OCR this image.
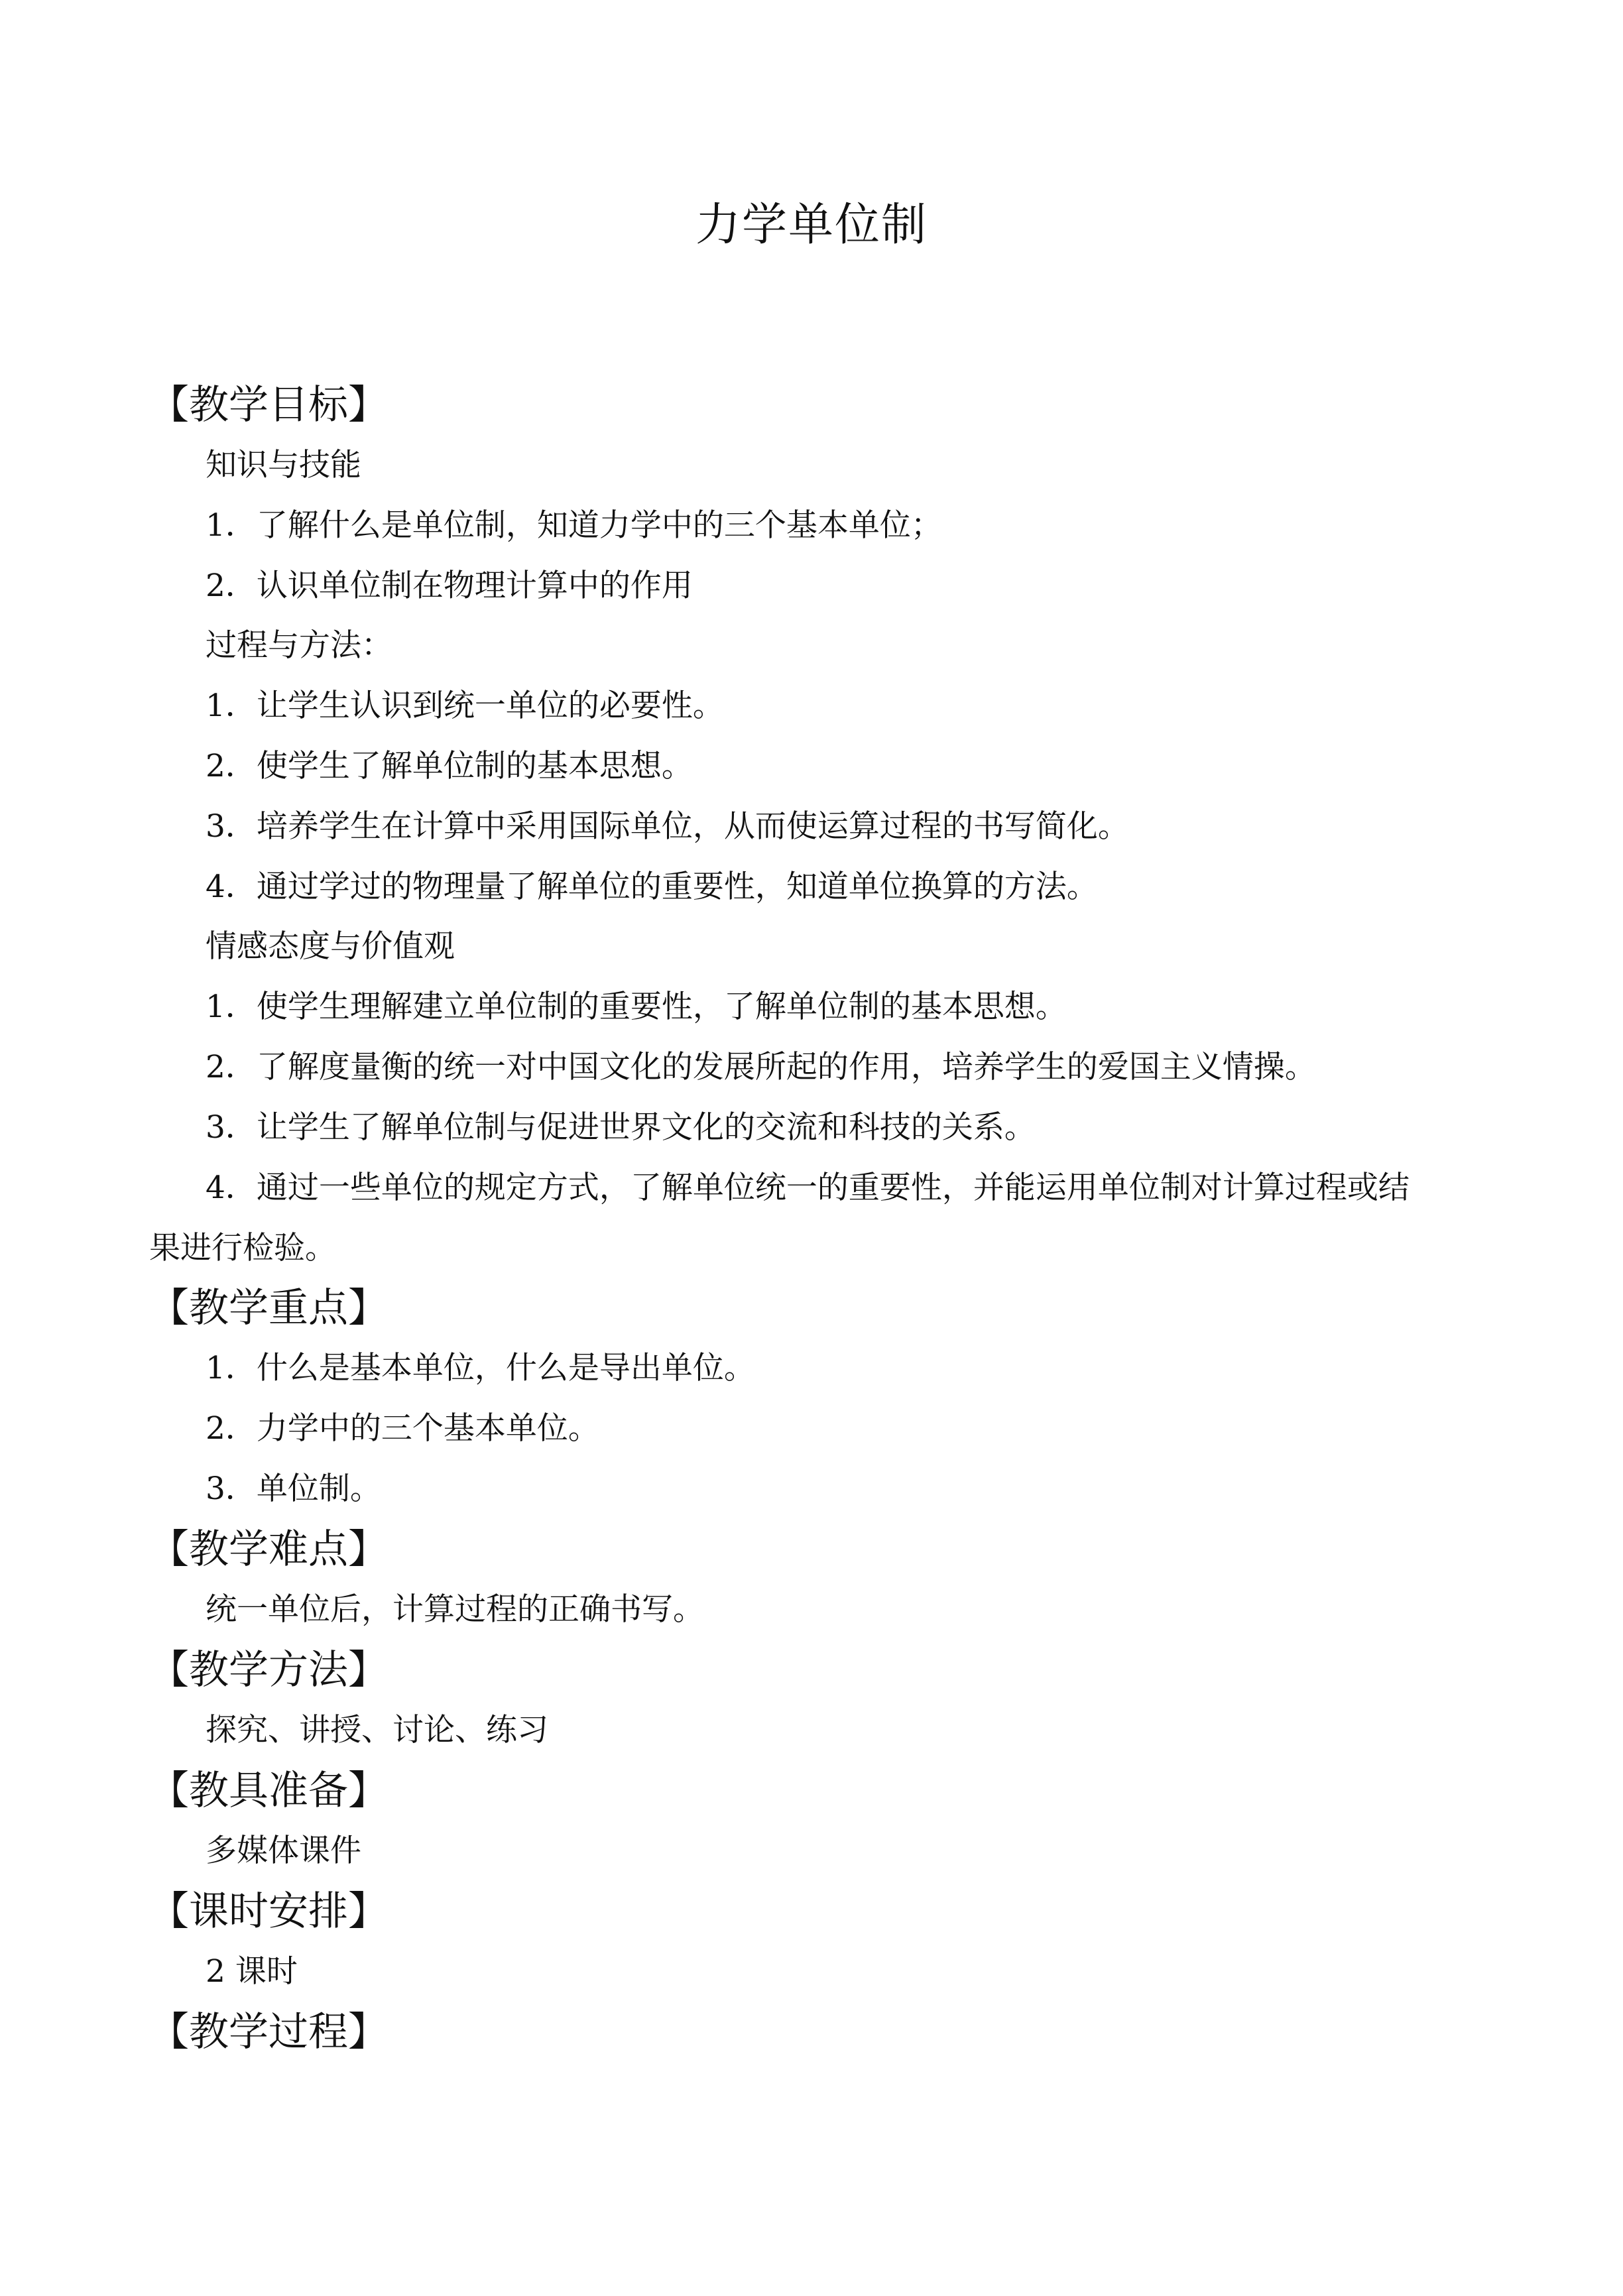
力学单位制
【教学目标】
知识与技能
1．了解什么是单位制，知道力学中的三个基本单位；
2．认识单位制在物理计算中的作用
过程与方法：
1．让学生认识到统一单位的必要性。
2．使学生了解单位制的基本思想。
3．培养学生在计算中采用国际单位，从而使运算过程的书写简化。
4．通过学过的物理量了解单位的重要性，知道单位换算的方法。
情感态度与价值观
1．使学生理解建立单位制的重要性，了解单位制的基本思想。
2．了解度量衡的统一对中国文化的发展所起的作用，培养学生的爱国主义情操。
3．让学生了解单位制与促进世界文化的交流和科技的关系。
4．通过一些单位的规定方式，了解单位统一的重要性，并能运用单位制对计算过程或结
果进行检验。
【教学重点】
1．什么是基本单位，什么是导出单位。
2．力学中的三个基本单位。
3．单位制。
【教学难点】
统一单位后，计算过程的正确书写。
【教学方法】
探究、讲授、讨论、练习
【教具准备】
多媒体课件
【课时安排】
2 课时
【教学过程】
